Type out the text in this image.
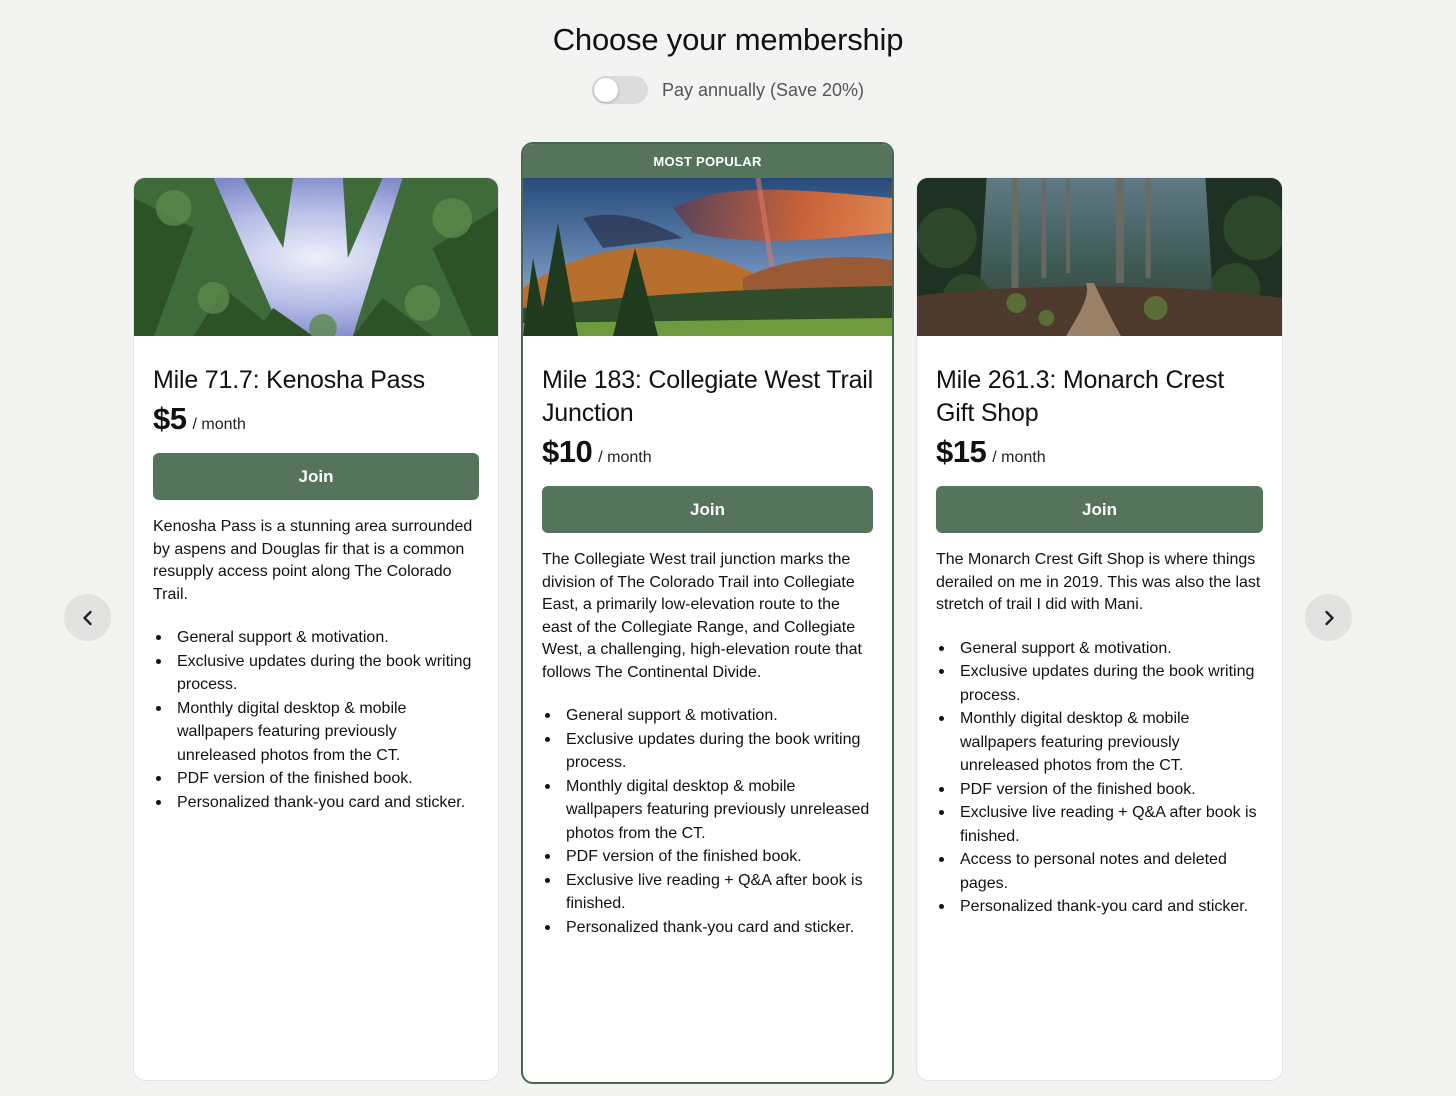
Choose your membership
Pay annually (Save 20%)
Mile 71.7: Kenosha Pass
$5 / month
Join

Kenosha Pass is a stunning area surrounded by aspens and Douglas fir that is a common resupply access point along The Colorado Trail.

General support & motivation.
Exclusive updates during the book writing process.
Monthly digital desktop & mobile wallpapers featuring previously unreleased photos from the CT.
PDF version of the finished book.
Personalized thank-you card and sticker.
MOST POPULAR
Mile 183: Collegiate West Trail Junction
$10 / month
Join

The Collegiate West trail junction marks the division of The Colorado Trail into Collegiate East, a primarily low-elevation route to the east of the Collegiate Range, and Collegiate West, a challenging, high-elevation route that follows The Continental Divide.

General support & motivation.
Exclusive updates during the book writing process.
Monthly digital desktop & mobile wallpapers featuring previously unreleased photos from the CT.
PDF version of the finished book.
Exclusive live reading + Q&A after book is finished.
Personalized thank-you card and sticker.
Mile 261.3: Monarch Crest Gift Shop
$15 / month
Join

The Monarch Crest Gift Shop is where things derailed on me in 2019. This was also the last stretch of trail I did with Mani.

General support & motivation.
Exclusive updates during the book writing process.
Monthly digital desktop & mobile wallpapers featuring previously unreleased photos from the CT.
PDF version of the finished book.
Exclusive live reading + Q&A after book is finished.
Access to personal notes and deleted pages.
Personalized thank-you card and sticker.
